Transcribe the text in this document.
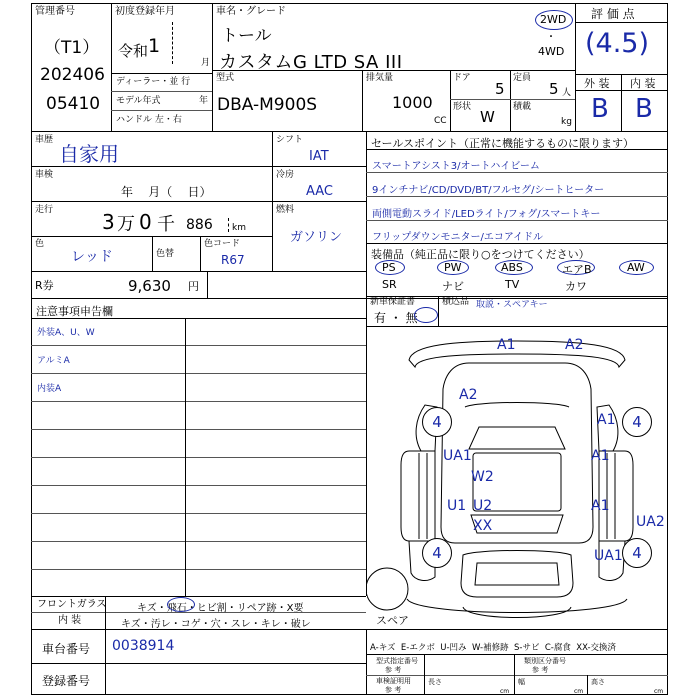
管理番号
（T1）
202406
05410
初度登録年月
令和 1
月
ディーラー・並 行
モデル年式	年
ハンドル 左・右
車名・グレード
トール
カスタムG LTD SA III
2WD
・
4WD
型式
DBA-M900S
排気量
1000
CC
ドア
5
定員
5 人
形状
W
積載
kg
評 価 点
(4.5)
外 装 内 装
B B
車歴
自家用
車検
年    月（    日）
走行 3 万 0 千 886 km
色
レッド	色替
色コード
R67
R券	9,630 円
シフト
IAT
冷房
AAC
燃料
ガソリン
セールスポイント（正常に機能するものに限ります）
スマートアシスト3/オートハイビーム
9インチナビ/CD/DVD/BT/フルセグ/シートヒーター
両側電動スライド/LEDライト/フォグ/スマートキー
フリップダウンモニター/エコアイドル
装備品（純正品に限り○をつけてください）
PS	PW	ABS	エアB	AW
SR	ナビ	TV	カワ
新車保証書
有 ・ 無
積込品 取説・スペアキー
注意事項申告欄
外装A、U、W
アルミA
内装A
スペア
4	4
4	4
A1	A2
A2
A1
UA1	A1
W2
U1 U2
XX
A1
UA2
UA1
フロントガラス	キズ・飛石・ヒビ割・リペア跡・X要
内 装	キズ・汚レ・コゲ・穴・スレ・キレ・破レ
車台番号 0038914
登録番号
A-キズ  E-エクボ  U-凹み  W-補修跡  S-サビ  C-腐食  XX-交換済
型式指定番号
参 考
類別区分番号
参 考
車検証明用
参 考
長さ
cm
幅
cm
高さ
cm
